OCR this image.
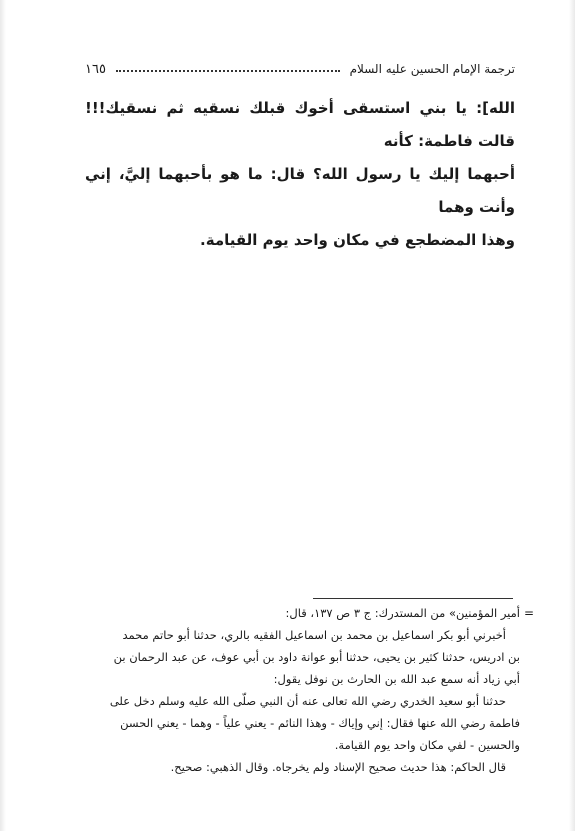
ترجمة الإمام الحسين عليه السلام
١٦٥

الله]: يا بني استسقى أخوك قبلك نسقيه ثم نسقيك!!! قالت فاطمة: كأنه

أحبهما إليك يا رسول الله؟ قال: ما هو بأحبهما إليَّ، إني وأنت وهما

وهذا المضطجع في مكان واحد يوم القيامة.

=

أمير المؤمنين» من المستدرك: ج ٣ ص ١٣٧، قال:

أخبرني أبو بكر اسماعيل بن محمد بن اسماعيل الفقيه بالري، حدثنا أبو حاتم محمد

بن ادريس، حدثنا كثير بن يحيى، حدثنا أبو عوانة داود بن أبي عوف، عن عبد الرحمان بن

أبي زياد أنه سمع عبد الله بن الحارث بن نوفل يقول:

حدثنا أبو سعيد الخدري رضي الله تعالى عنه أن النبي صلّى الله عليه وسلم دخل على

فاطمة رضي الله عنها فقال: إني وإياك - وهذا النائم - يعني علياً - وهما - يعني الحسن

والحسين - لفي مكان واحد يوم القيامة.

قال الحاكم: هذا حديث صحيح الإسناد ولم يخرجاه. وقال الذهبي: صحيح.
